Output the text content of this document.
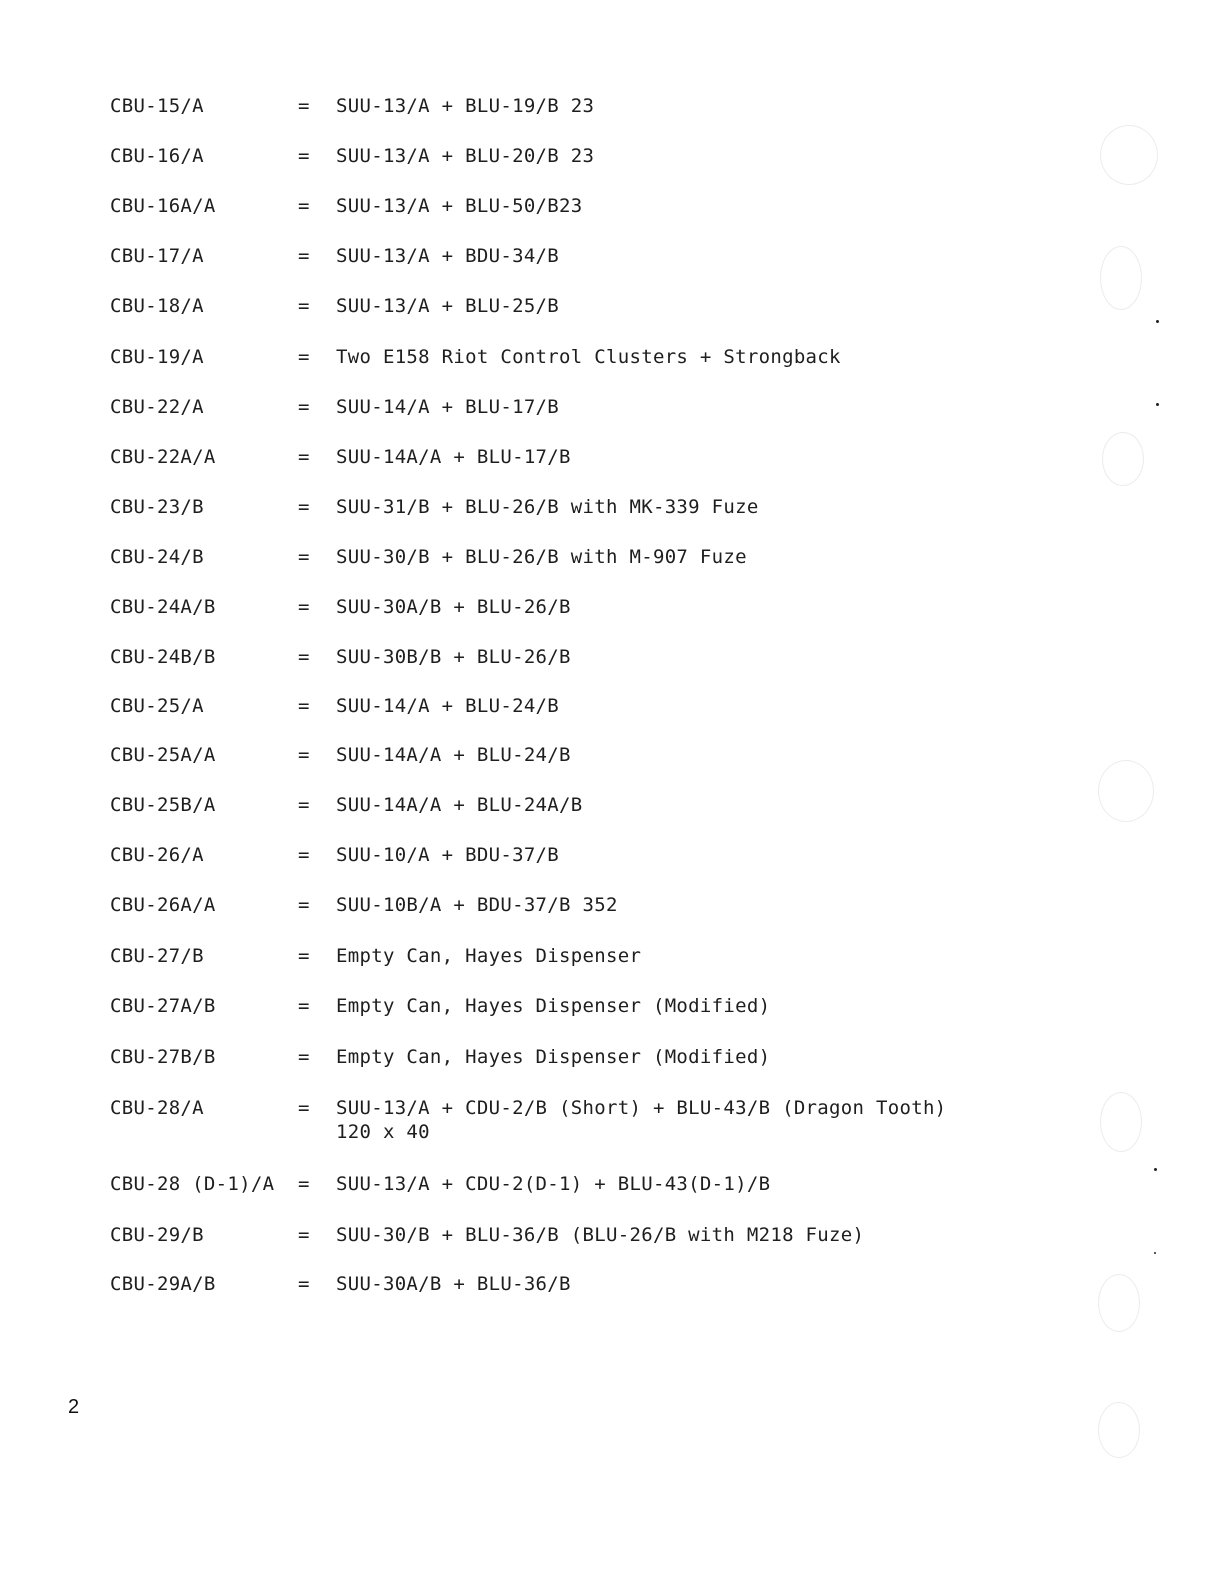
CBU-15/A	= SUU-13/A + BLU-19/B 23
CBU-16/A	= SUU-13/A + BLU-20/B 23
CBU-16A/A	= SUU-13/A + BLU-50/B23
CBU-17/A	= SUU-13/A + BDU-34/B
CBU-18/A	= SUU-13/A + BLU-25/B
CBU-19/A	= Two E158 Riot Control Clusters + Strongback
CBU-22/A	= SUU-14/A + BLU-17/B
CBU-22A/A	= SUU-14A/A + BLU-17/B
CBU-23/B	= SUU-31/B + BLU-26/B with MK-339 Fuze
CBU-24/B	= SUU-30/B + BLU-26/B with M-907 Fuze
CBU-24A/B	= SUU-30A/B + BLU-26/B
CBU-24B/B	= SUU-30B/B + BLU-26/B
CBU-25/A	= SUU-14/A + BLU-24/B
CBU-25A/A	= SUU-14A/A + BLU-24/B
CBU-25B/A	= SUU-14A/A + BLU-24A/B
CBU-26/A	= SUU-10/A + BDU-37/B
CBU-26A/A	= SUU-10B/A + BDU-37/B 352
CBU-27/B	= Empty Can, Hayes Dispenser
CBU-27A/B	= Empty Can, Hayes Dispenser (Modified)
CBU-27B/B	= Empty Can, Hayes Dispenser (Modified)
CBU-28/A	= SUU-13/A + CDU-2/B (Short) + BLU-43/B (Dragon Tooth)
120 x 40
CBU-28 (D-1)/A = SUU-13/A + CDU-2(D-1) + BLU-43(D-1)/B
CBU-29/B	= SUU-30/B + BLU-36/B (BLU-26/B with M218 Fuze)
CBU-29A/B	= SUU-30A/B + BLU-36/B
2
